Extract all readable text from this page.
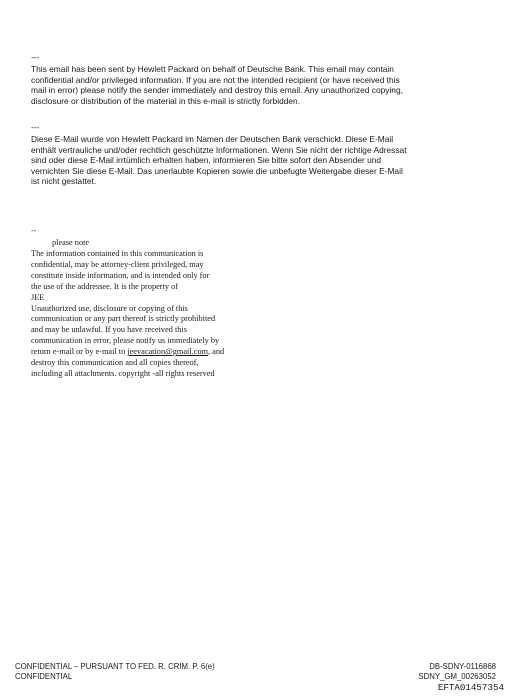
---
This email has been sent by Hewlett Packard on behalf of Deutsche Bank. This email may contain
confidential and/or privileged information. If you are not the intended recipient (or have received this
mail in error) please notify the sender immediately and destroy this email. Any unauthorized copying,
disclosure or distribution of the material in this e-mail is strictly forbidden.
---
Diese E-Mail wurde von Hewlett Packard im Namen der Deutschen Bank verschickt. Diese E-Mail
enthält vertrauliche und/oder rechtlich geschützte Informationen. Wenn Sie nicht der richtige Adressat
sind oder diese E-Mail irrtümlich erhalten haben, informieren Sie bitte sofort den Absender und
vernichten Sie diese E-Mail. Das unerlaubte Kopieren sowie die unbefugte Weitergabe dieser E-Mail
ist nicht gestattet.
--
please note
The information contained in this communication is
confidential, may be attorney-client privileged, may
constitute inside information, and is intended only for
the use of the addressee. It is the property of
JEE
Unauthorized use, disclosure or copying of this
communication or any part thereof is strictly prohibited
and may be unlawful. If you have received this
communication in error, please notify us immediately by
return e-mail or by e-mail to jeevacation@gmail.com, and
destroy this communication and all copies thereof,
including all attachments. copyright -all rights reserved
CONFIDENTIAL – PURSUANT TO FED. R. CRIM. P. 6(e)
CONFIDENTIAL
DB-SDNY-0116868
SDNY_GM_00263052
EFTA01457354
